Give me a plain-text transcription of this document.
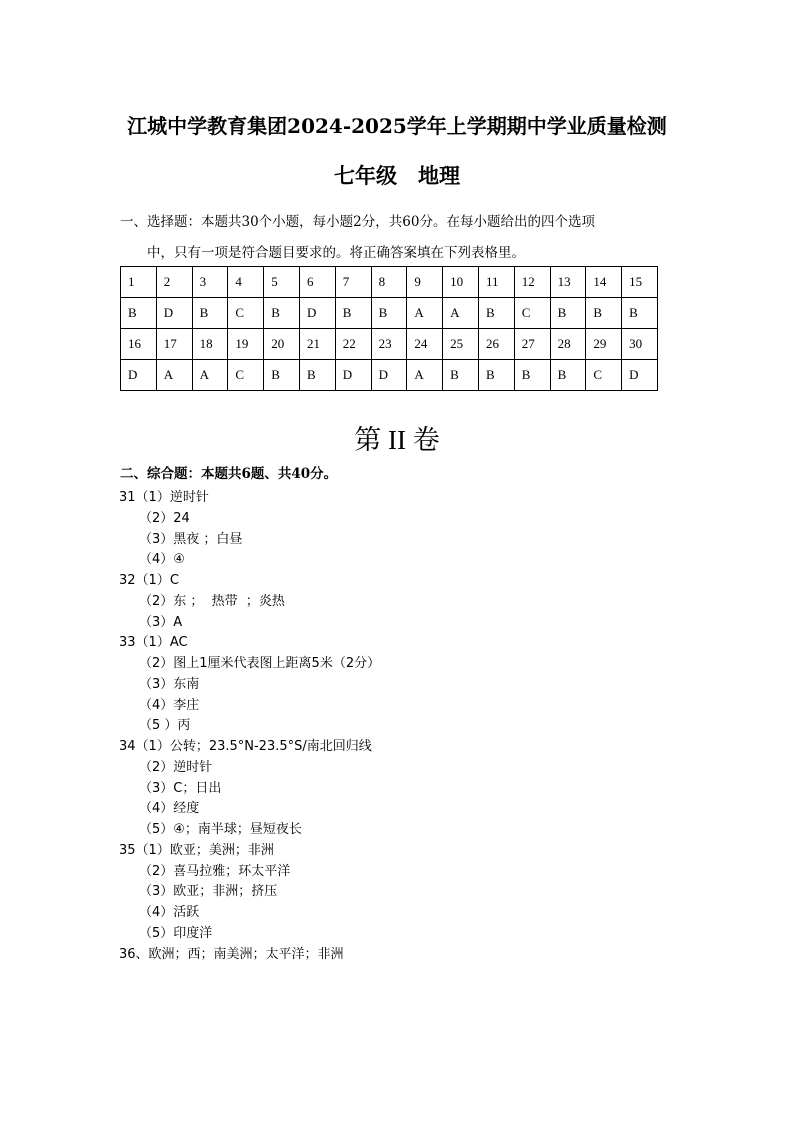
江城中学教育集团2024-2025学年上学期期中学业质量检测
七年级　地理
一、选择题：本题共30个小题，每小题2分，共60分。在每小题给出的四个选项
中，只有一项是符合题目要求的。将正确答案填在下列表格里。
1	2	3	4	5	6	7	8	9	10	11	12	13	14	15
B	D	B	C	B	D	B	B	A	A	B	C	B	B	B
16	17	18	19	20	21	22	23	24	25	26	27	28	29	30
D	A	A	C	B	B	D	D	A	B	B	B	B	C	D
第 II 卷
二、综合题：本题共6题、共40分。
31（1）逆时针
（2）24
（3）黑夜 ；白昼
（4）④
32（1）C
（2）东 ；  热带  ；炎热
（3）A
33（1）AC
（2）图上1厘米代表图上距离5米（2分）
（3）东南
（4）李庄
（5 ）丙
34（1）公转；23.5°N-23.5°S/南北回归线
（2）逆时针
（3）C；日出
（4）经度
（5）④；南半球；昼短夜长
35（1）欧亚；美洲；非洲
（2）喜马拉雅；环太平洋
（3）欧亚；非洲；挤压
（4）活跃
（5）印度洋
36、欧洲；西；南美洲；太平洋；非洲
